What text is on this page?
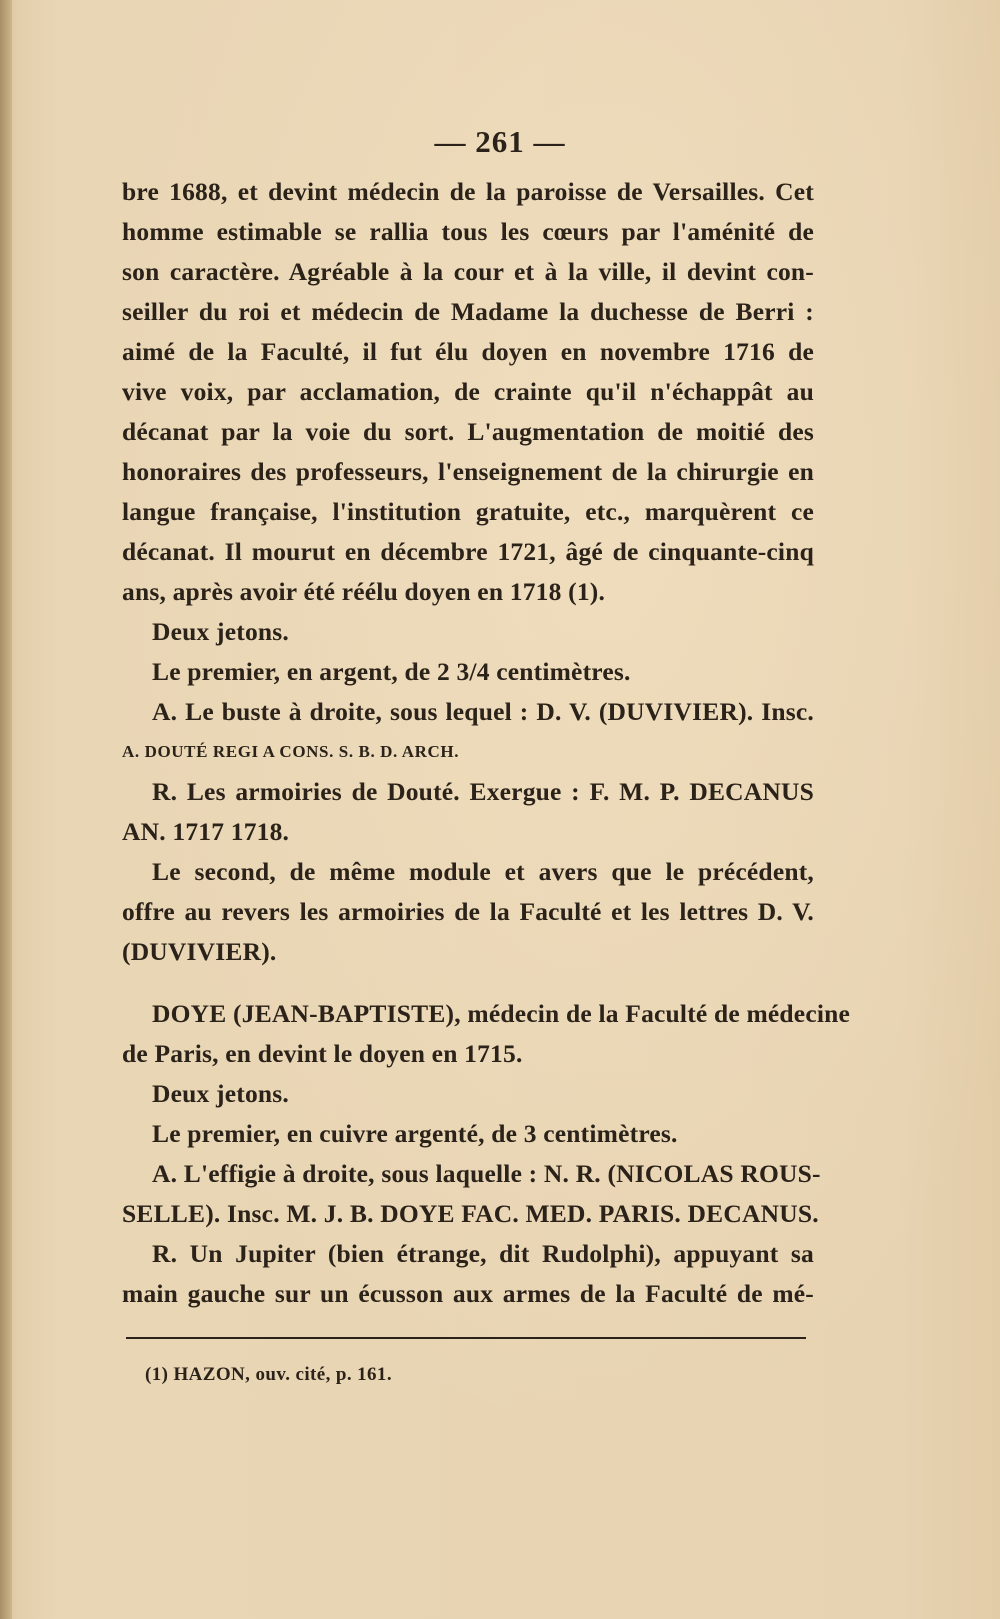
— 261 —
bre 1688, et devint médecin de la paroisse de Versailles. Cet
homme estimable se rallia tous les cœurs par l'aménité de
son caractère. Agréable à la cour et à la ville, il devint con-
seiller du roi et médecin de Madame la duchesse de Berri :
aimé de la Faculté, il fut élu doyen en novembre 1716 de
vive voix, par acclamation, de crainte qu'il n'échappât au
décanat par la voie du sort. L'augmentation de moitié des
honoraires des professeurs, l'enseignement de la chirurgie en
langue française, l'institution gratuite, etc., marquèrent ce
décanat. Il mourut en décembre 1721, âgé de cinquante-cinq
ans, après avoir été réélu doyen en 1718 (1).
Deux jetons.
Le premier, en argent, de 2 3/4 centimètres.
A. Le buste à droite, sous lequel : D. V. (DUVIVIER). Insc.
A. DOUTÉ REGI A CONS. S. B. D. ARCH.
R. Les armoiries de Douté. Exergue : F. M. P. DECANUS
AN. 1717 1718.
Le second, de même module et avers que le précédent,
offre au revers les armoiries de la Faculté et les lettres D. V.
(DUVIVIER).
DOYE (JEAN-BAPTISTE), médecin de la Faculté de médecine
de Paris, en devint le doyen en 1715.
Deux jetons.
Le premier, en cuivre argenté, de 3 centimètres.
A. L'effigie à droite, sous laquelle : N. R. (NICOLAS ROUS-
SELLE). Insc. M. J. B. DOYE FAC. MED. PARIS. DECANUS.
R. Un Jupiter (bien étrange, dit Rudolphi), appuyant sa
main gauche sur un écusson aux armes de la Faculté de mé-
(1) HAZON, ouv. cité, p. 161.
